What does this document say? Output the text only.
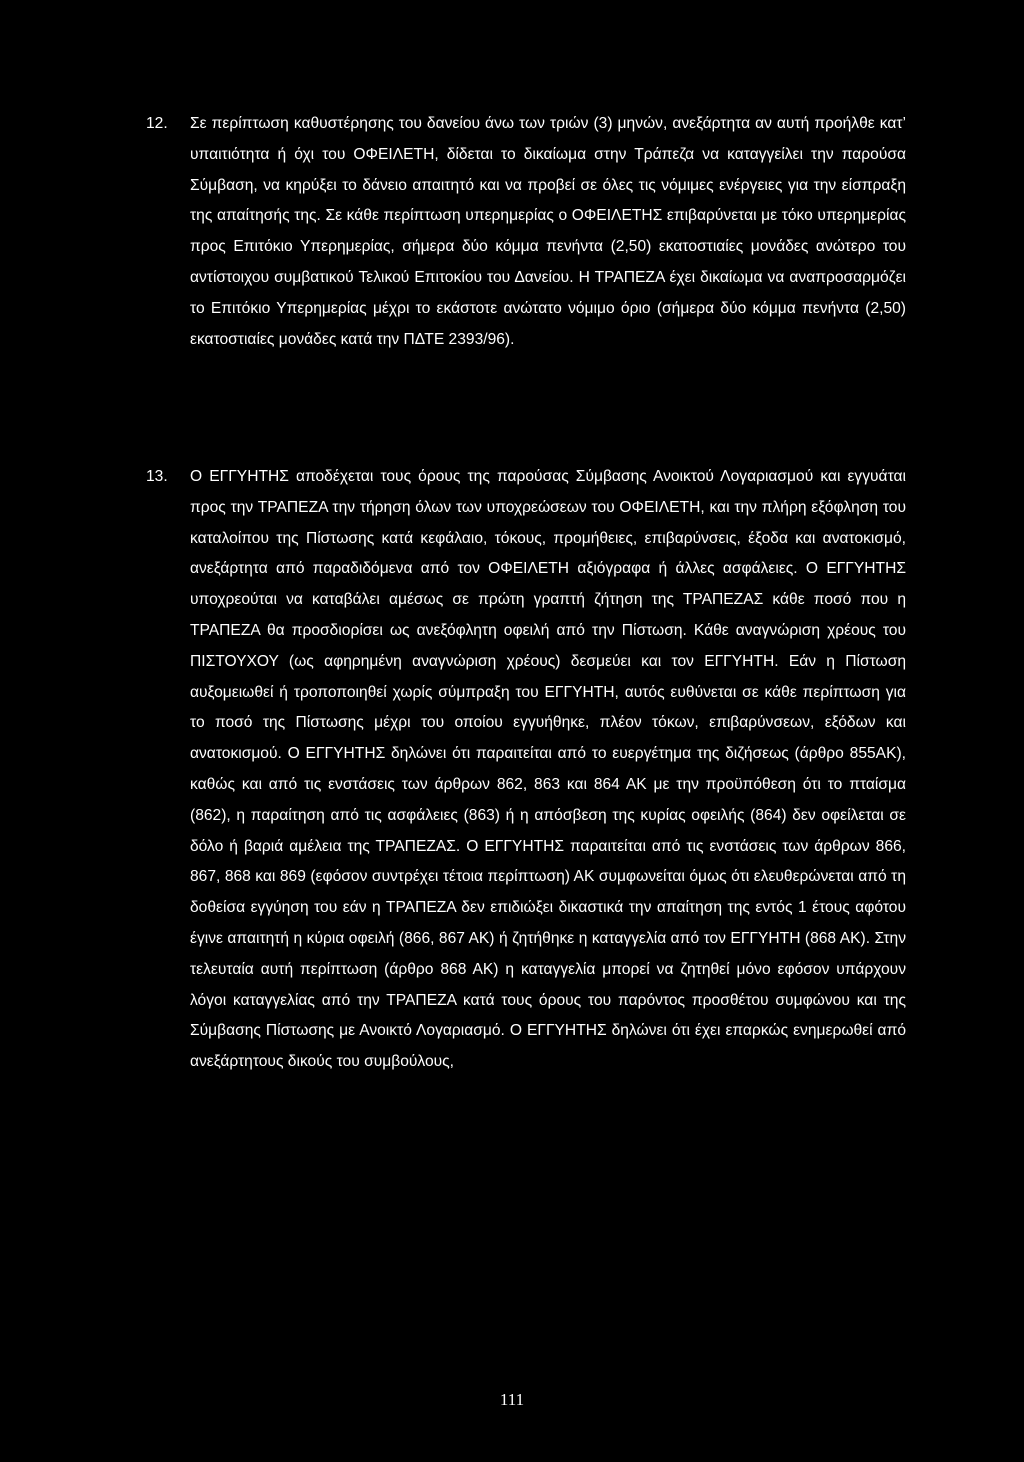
12.	Σε περίπτωση καθυστέρησης του δανείου άνω των τριών (3) μηνών, ανεξάρτητα αν αυτή προήλθε κατ’ υπαιτιότητα ή όχι του ΟΦΕΙΛΕΤΗ, δίδεται το δικαίωμα στην Τράπεζα να καταγγείλει την παρούσα Σύμβαση, να κηρύξει το δάνειο απαιτητό και να προβεί σε όλες τις νόμιμες ενέργειες για την είσπραξη της απαίτησής της. Σε κάθε περίπτωση υπερημερίας ο ΟΦΕΙΛΕΤΗΣ επιβαρύνεται με τόκο υπερημερίας προς Επιτόκιο Υπερημερίας, σήμερα δύο κόμμα πενήντα (2,50) εκατοστιαίες μονάδες ανώτερο του αντίστοιχου συμβατικού Τελικού Επιτοκίου του Δανείου. Η ΤΡΑΠΕΖΑ έχει δικαίωμα να αναπροσαρμόζει το Επιτόκιο Υπερημερίας μέχρι το εκάστοτε ανώτατο νόμιμο όριο (σήμερα δύο κόμμα πενήντα (2,50) εκατοστιαίες μονάδες κατά την ΠΔΤΕ 2393/96).

13.	Ο ΕΓΓΥΗΤΗΣ αποδέχεται τους όρους της παρούσας Σύμβασης Ανοικτού Λογαριασμού και εγγυάται προς την ΤΡΑΠΕΖΑ την τήρηση όλων των υποχρεώσεων του ΟΦΕΙΛΕΤΗ, και την πλήρη εξόφληση του καταλοίπου της Πίστωσης κατά κεφάλαιο, τόκους, προμήθειες, επιβαρύνσεις, έξοδα και ανατοκισμό, ανεξάρτητα από παραδιδόμενα από τον ΟΦΕΙΛΕΤΗ αξιόγραφα ή άλλες ασφάλειες. Ο ΕΓΓΥΗΤΗΣ υποχρεούται να καταβάλει αμέσως σε πρώτη γραπτή ζήτηση της ΤΡΑΠΕΖΑΣ κάθε ποσό που η ΤΡΑΠΕΖΑ θα προσδιορίσει ως ανεξόφλητη οφειλή από την Πίστωση. Κάθε αναγνώριση χρέους του ΠΙΣΤΟΥΧΟΥ (ως αφηρημένη αναγνώριση χρέους) δεσμεύει και τον ΕΓΓΥΗΤΗ. Εάν η Πίστωση αυξομειωθεί ή τροποποιηθεί χωρίς σύμπραξη του ΕΓΓΥΗΤΗ, αυτός ευθύνεται σε κάθε περίπτωση για το ποσό της Πίστωσης μέχρι του οποίου εγγυήθηκε, πλέον τόκων, επιβαρύνσεων, εξόδων και ανατοκισμού. Ο ΕΓΓΥΗΤΗΣ δηλώνει ότι παραιτείται από το ευεργέτημα της διζήσεως (άρθρο 855ΑΚ), καθώς και από τις ενστάσεις των άρθρων 862, 863 και 864 ΑΚ με την προϋπόθεση ότι το πταίσμα (862), η παραίτηση από τις ασφάλειες (863) ή η απόσβεση της κυρίας οφειλής (864) δεν οφείλεται σε δόλο ή βαριά αμέλεια της ΤΡΑΠΕΖΑΣ. Ο ΕΓΓΥΗΤΗΣ παραιτείται από τις ενστάσεις των άρθρων 866, 867, 868 και 869 (εφόσον συντρέχει τέτοια περίπτωση) ΑΚ συμφωνείται όμως ότι ελευθερώνεται από τη δοθείσα εγγύηση του εάν η ΤΡΑΠΕΖΑ δεν επιδιώξει δικαστικά την απαίτηση της εντός 1 έτους αφότου έγινε απαιτητή η κύρια οφειλή (866, 867 ΑΚ) ή ζητήθηκε η καταγγελία από τον ΕΓΓΥΗΤΗ (868 ΑΚ). Στην τελευταία αυτή περίπτωση (άρθρο 868 ΑΚ) η καταγγελία μπορεί να ζητηθεί μόνο εφόσον υπάρχουν λόγοι καταγγελίας από την ΤΡΑΠΕΖΑ κατά τους όρους του παρόντος προσθέτου συμφώνου και της Σύμβασης Πίστωσης με Ανοικτό Λογαριασμό. Ο ΕΓΓΥΗΤΗΣ δηλώνει ότι έχει επαρκώς ενημερωθεί από ανεξάρτητους δικούς του συμβούλους,

111
